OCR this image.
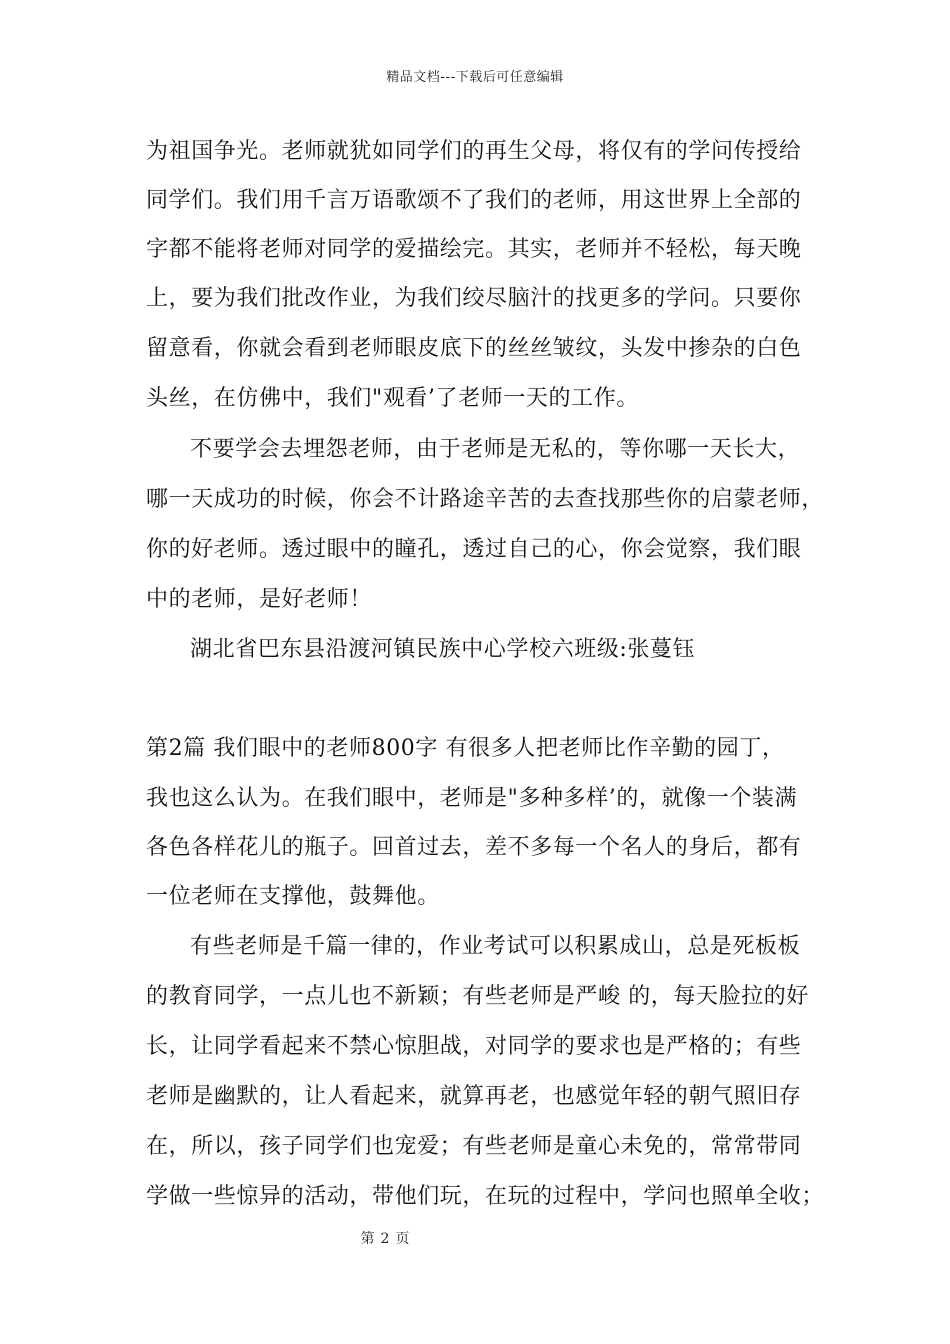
精品文档---下载后可任意编辑
为祖国争光。老师就犹如同学们的再生父母，将仅有的学问传授给
同学们。我们用千言万语歌颂不了我们的老师，用这世界上全部的
字都不能将老师对同学的爱描绘完。其实，老师并不轻松，每天晚
上，要为我们批改作业，为我们绞尽脑汁的找更多的学问。只要你
留意看，你就会看到老师眼皮底下的丝丝皱纹，头发中掺杂的白色
头丝，在仿佛中，我们"观看’了老师一天的工作。
不要学会去埋怨老师，由于老师是无私的，等你哪一天长大，
哪一天成功的时候，你会不计路途辛苦的去查找那些你的启蒙老师，
你的好老师。透过眼中的瞳孔，透过自己的心，你会觉察，我们眼
中的老师，是好老师！
湖北省巴东县沿渡河镇民族中心学校六班级:张蔓钰
第2篇 我们眼中的老师800字 有很多人把老师比作辛勤的园丁，
我也这么认为。在我们眼中，老师是"多种多样’的，就像一个装满
各色各样花儿的瓶子。回首过去，差不多每一个名人的身后，都有
一位老师在支撑他，鼓舞他。
有些老师是千篇一律的，作业考试可以积累成山，总是死板板
的教育同学，一点儿也不新颖；有些老师是严峻 的，每天脸拉的好
长，让同学看起来不禁心惊胆战，对同学的要求也是严格的；有些
老师是幽默的，让人看起来，就算再老，也感觉年轻的朝气照旧存
在，所以，孩子同学们也宠爱；有些老师是童心未免的，常常带同
学做一些惊异的活动，带他们玩，在玩的过程中，学问也照单全收；
第 2 页
